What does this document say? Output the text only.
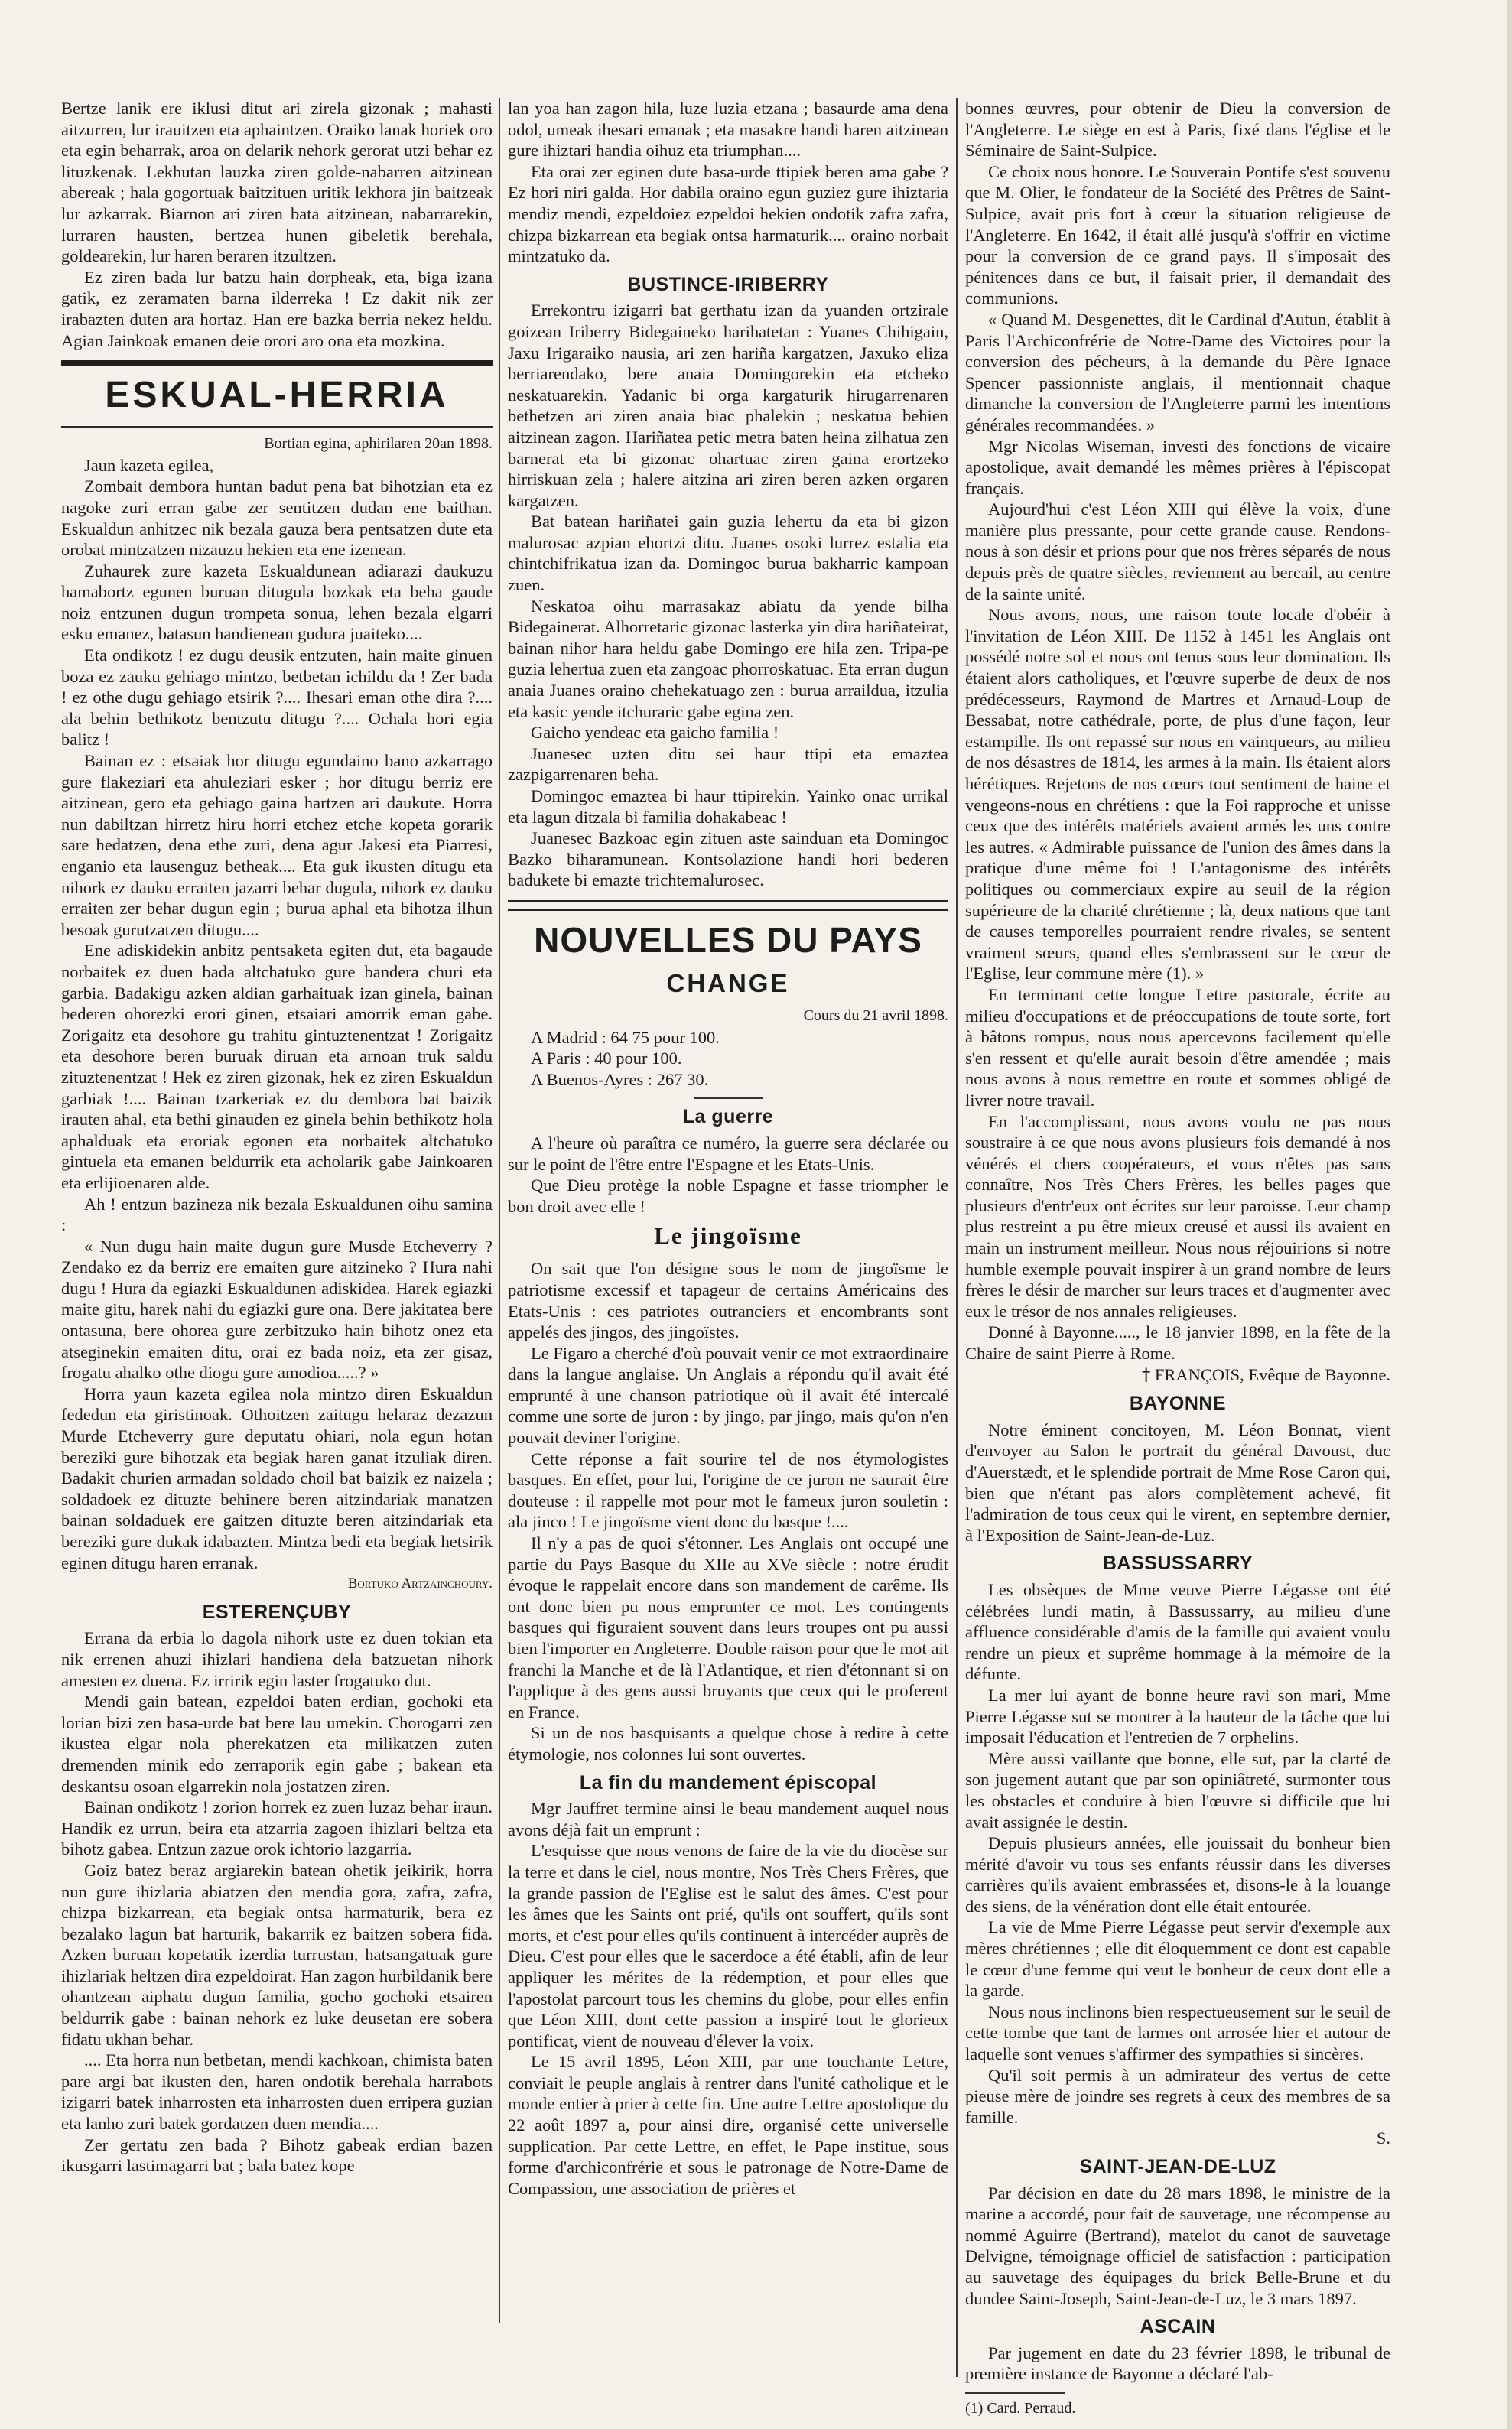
Bertze lanik ere iklusi ditut ari zirela gizonak ; mahasti aitzurren, lur irauitzen eta aphaintzen. Oraiko lanak horiek oro eta egin beharrak, aroa on delarik nehork gerorat utzi behar ez lituzkenak. Lekhutan lauzka ziren golde-nabarren aitzinean abereak ; hala gogortuak baitzituen uritik lekhora jin baitzeak lur azkarrak. Biarnon ari ziren bata aitzinean, nabarrarekin, lurraren hausten, bertzea hunen gibeletik berehala, goldearekin, lur haren beraren itzultzen.

Ez ziren bada lur batzu hain dorpheak, eta, biga izana gatik, ez zeramaten barna ilderreka ! Ez dakit nik zer irabazten duten ara hortaz. Han ere bazka berria nekez heldu. Agian Jainkoak emanen deie orori aro ona eta mozkina.

ESKUAL-HERRIA

Bortian egina, aphirilaren 20an 1898.

Jaun kazeta egilea,

Zombait dembora huntan badut pena bat bihotzian eta ez nagoke zuri erran gabe zer sentitzen dudan ene baithan. Eskualdun anhitzec nik bezala gauza bera pentsatzen dute eta orobat mintzatzen nizauzu hekien eta ene izenean.

Zuhaurek zure kazeta Eskualdunean adiarazi daukuzu hamabortz egunen buruan ditugula bozkak eta beha gaude noiz entzunen dugun trompeta sonua, lehen bezala elgarri esku emanez, batasun handienean gudura juaiteko....

Eta ondikotz ! ez dugu deusik entzuten, hain maite ginuen boza ez zauku gehiago mintzo, betbetan ichildu da ! Zer bada ! ez othe dugu gehiago etsirik ?.... Ihesari eman othe dira ?.... ala behin bethikotz bentzutu ditugu ?.... Ochala hori egia balitz !

Bainan ez : etsaiak hor ditugu egundaino bano azkarrago gure flakeziari eta ahuleziari esker ; hor ditugu berriz ere aitzinean, gero eta gehiago gaina hartzen ari daukute. Horra nun dabiltzan hirretz hiru horri etchez etche kopeta gorarik sare hedatzen, dena ethe zuri, dena agur Jakesi eta Piarresi, enganio eta lausenguz betheak.... Eta guk ikusten ditugu eta nihork ez dauku erraiten jazarri behar dugula, nihork ez dauku erraiten zer behar dugun egin ; burua aphal eta bihotza ilhun besoak gurutzatzen ditugu....

Ene adiskidekin anbitz pentsaketa egiten dut, eta bagaude norbaitek ez duen bada altchatuko gure bandera churi eta garbia. Badakigu azken aldian garhaituak izan ginela, bainan bederen ohorezki erori ginen, etsaiari amorrik eman gabe. Zorigaitz eta desohore gu trahitu gintuztenentzat ! Zorigaitz eta desohore beren buruak diruan eta arnoan truk saldu zituztenentzat ! Hek ez ziren gizonak, hek ez ziren Eskualdun garbiak !.... Bainan tzarkeriak ez du dembora bat baizik irauten ahal, eta bethi ginauden ez ginela behin bethikotz hola aphalduak eta eroriak egonen eta norbaitek altchatuko gintuela eta emanen beldurrik eta acholarik gabe Jainkoaren eta erlijioenaren alde.

Ah ! entzun bazineza nik bezala Eskualdunen oihu samina :

« Nun dugu hain maite dugun gure Musde Etcheverry ? Zendako ez da berriz ere emaiten gure aitzineko ? Hura nahi dugu ! Hura da egiazki Eskualdunen adiskidea. Harek egiazki maite gitu, harek nahi du egiazki gure ona. Bere jakitatea bere ontasuna, bere ohorea gure zerbitzuko hain bihotz onez eta atseginekin emaiten ditu, orai ez bada noiz, eta zer gisaz, frogatu ahalko othe diogu gure amodioa.....? »

Horra yaun kazeta egilea nola mintzo diren Eskualdun fededun eta giristinoak. Othoitzen zaitugu helaraz dezazun Murde Etcheverry gure deputatu ohiari, nola egun hotan bereziki gure bihotzak eta begiak haren ganat itzuliak diren. Badakit churien armadan soldado choil bat baizik ez naizela ; soldadoek ez dituzte behinere beren aitzindariak manatzen bainan soldaduek ere gaitzen dituzte beren aitzindariak eta bereziki gure dukak idabazten. Mintza bedi eta begiak hetsirik eginen ditugu haren erranak.

Bortuko Artzainchoury.

ESTERENÇUBY

Errana da erbia lo dagola nihork uste ez duen tokian eta nik errenen ahuzi ihizlari handiena dela batzuetan nihork amesten ez duena. Ez irririk egin laster frogatuko dut.

Mendi gain batean, ezpeldoi baten erdian, gochoki eta lorian bizi zen basa-urde bat bere lau umekin. Chorogarri zen ikustea elgar nola pherekatzen eta milikatzen zuten dremenden minik edo zerraporik egin gabe ; bakean eta deskantsu osoan elgarrekin nola jostatzen ziren.

Bainan ondikotz ! zorion horrek ez zuen luzaz behar iraun. Handik ez urrun, beira eta atzarria zagoen ihizlari beltza eta bihotz gabea. Entzun zazue orok ichtorio lazgarria.

Goiz batez beraz argiarekin batean ohetik jeikirik, horra nun gure ihizlaria abiatzen den mendia gora, zafra, zafra, chizpa bizkarrean, eta begiak ontsa harmaturik, bera ez bezalako lagun bat harturik, bakarrik ez baitzen sobera fida. Azken buruan kopetatik izerdia turrustan, hatsangatuak gure ihizlariak heltzen dira ezpeldoirat. Han zagon hurbildanik bere ohantzean aiphatu dugun familia, gocho gochoki etsairen beldurrik gabe : bainan nehork ez luke deusetan ere sobera fidatu ukhan behar.

.... Eta horra nun betbetan, mendi kachkoan, chimista baten pare argi bat ikusten den, haren ondotik berehala harrabots izigarri batek inharrosten eta inharrosten duen erripera guzian eta lanho zuri batek gordatzen duen mendia....

Zer gertatu zen bada ? Bihotz gabeak erdian bazen ikusgarri lastimagarri bat ; bala batez kope

lan yoa han zagon hila, luze luzia etzana ; basaurde ama dena odol, umeak ihesari emanak ; eta masakre handi haren aitzinean gure ihiztari handia oihuz eta triumphan....

Eta orai zer eginen dute basa-urde ttipiek beren ama gabe ? Ez hori niri galda. Hor dabila oraino egun guziez gure ihiztaria mendiz mendi, ezpeldoiez ezpeldoi hekien ondotik zafra zafra, chizpa bizkarrean eta begiak ontsa harmaturik.... oraino norbait mintzatuko da.

BUSTINCE-IRIBERRY

Errekontru izigarri bat gerthatu izan da yuanden ortzirale goizean Iriberry Bidegaineko harihatetan : Yuanes Chihigain, Jaxu Irigaraiko nausia, ari zen hariña kargatzen, Jaxuko eliza berriarendako, bere anaia Domingorekin eta etcheko neskatuarekin. Yadanic bi orga kargaturik hirugarrenaren bethetzen ari ziren anaia biac phalekin ; neskatua behien aitzinean zagon. Hariñatea petic metra baten heina zilhatua zen barnerat eta bi gizonac ohartuac ziren gaina erortzeko hirriskuan zela ; halere aitzina ari ziren beren azken orgaren kargatzen.

Bat batean hariñatei gain guzia lehertu da eta bi gizon malurosac azpian ehortzi ditu. Juanes osoki lurrez estalia eta chintchifrikatua izan da. Domingoc burua bakharric kampoan zuen.

Neskatoa oihu marrasakaz abiatu da yende bilha Bidegainerat. Alhorretaric gizonac lasterka yin dira hariñateirat, bainan nihor hara heldu gabe Domingo ere hila zen. Tripa-pe guzia lehertua zuen eta zangoac phorroskatuac. Eta erran dugun anaia Juanes oraino chehekatuago zen : burua arraildua, itzulia eta kasic yende itchuraric gabe egina zen.

Gaicho yendeac eta gaicho familia !

Juanesec uzten ditu sei haur ttipi eta emaztea zazpigarrenaren beha.

Domingoc emaztea bi haur ttipirekin. Yainko onac urrikal eta lagun ditzala bi familia dohakabeac !

Juanesec Bazkoac egin zituen aste sainduan eta Domingoc Bazko biharamunean. Kontsolazione handi hori bederen badukete bi emazte trichtemalurosec.

NOUVELLES DU PAYS
CHANGE

Cours du 21 avril 1898.

A Madrid : 64 75 pour 100.

A Paris : 40 pour 100.

A Buenos-Ayres : 267 30.

La guerre

A l'heure où paraîtra ce numéro, la guerre sera déclarée ou sur le point de l'être entre l'Espagne et les Etats-Unis.

Que Dieu protège la noble Espagne et fasse triompher le bon droit avec elle !

Le jingoïsme

On sait que l'on désigne sous le nom de jingoïsme le patriotisme excessif et tapageur de certains Américains des Etats-Unis : ces patriotes outranciers et encombrants sont appelés des jingos, des jingoïstes.

Le Figaro a cherché d'où pouvait venir ce mot extraordinaire dans la langue anglaise. Un Anglais a répondu qu'il avait été emprunté à une chanson patriotique où il avait été intercalé comme une sorte de juron : by jingo, par jingo, mais qu'on n'en pouvait deviner l'origine.

Cette réponse a fait sourire tel de nos étymologistes basques. En effet, pour lui, l'origine de ce juron ne saurait être douteuse : il rappelle mot pour mot le fameux juron souletin : ala jinco ! Le jingoïsme vient donc du basque !....

Il n'y a pas de quoi s'étonner. Les Anglais ont occupé une partie du Pays Basque du XIIe au XVe siècle : notre érudit évoque le rappelait encore dans son mandement de carême. Ils ont donc bien pu nous emprunter ce mot. Les contingents basques qui figuraient souvent dans leurs troupes ont pu aussi bien l'importer en Angleterre. Double raison pour que le mot ait franchi la Manche et de là l'Atlantique, et rien d'étonnant si on l'applique à des gens aussi bruyants que ceux qui le proferent en France.

Si un de nos basquisants a quelque chose à redire à cette étymologie, nos colonnes lui sont ouvertes.

La fin du mandement épiscopal

Mgr Jauffret termine ainsi le beau mandement auquel nous avons déjà fait un emprunt :

L'esquisse que nous venons de faire de la vie du diocèse sur la terre et dans le ciel, nous montre, Nos Très Chers Frères, que la grande passion de l'Eglise est le salut des âmes. C'est pour les âmes que les Saints ont prié, qu'ils ont souffert, qu'ils sont morts, et c'est pour elles qu'ils continuent à intercéder auprès de Dieu. C'est pour elles que le sacerdoce a été établi, afin de leur appliquer les mérites de la rédemption, et pour elles que l'apostolat parcourt tous les chemins du globe, pour elles enfin que Léon XIII, dont cette passion a inspiré tout le glorieux pontificat, vient de nouveau d'élever la voix.

Le 15 avril 1895, Léon XIII, par une touchante Lettre, conviait le peuple anglais à rentrer dans l'unité catholique et le monde entier à prier à cette fin. Une autre Lettre apostolique du 22 août 1897 a, pour ainsi dire, organisé cette universelle supplication. Par cette Lettre, en effet, le Pape institue, sous forme d'archiconfrérie et sous le patronage de Notre-Dame de Compassion, une association de prières et

bonnes œuvres, pour obtenir de Dieu la conversion de l'Angleterre. Le siège en est à Paris, fixé dans l'église et le Séminaire de Saint-Sulpice.

Ce choix nous honore. Le Souverain Pontife s'est souvenu que M. Olier, le fondateur de la Société des Prêtres de Saint-Sulpice, avait pris fort à cœur la situation religieuse de l'Angleterre. En 1642, il était allé jusqu'à s'offrir en victime pour la conversion de ce grand pays. Il s'imposait des pénitences dans ce but, il faisait prier, il demandait des communions.

« Quand M. Desgenettes, dit le Cardinal d'Autun, établit à Paris l'Archiconfrérie de Notre-Dame des Victoires pour la conversion des pécheurs, à la demande du Père Ignace Spencer passionniste anglais, il mentionnait chaque dimanche la conversion de l'Angleterre parmi les intentions générales recommandées. »

Mgr Nicolas Wiseman, investi des fonctions de vicaire apostolique, avait demandé les mêmes prières à l'épiscopat français.

Aujourd'hui c'est Léon XIII qui élève la voix, d'une manière plus pressante, pour cette grande cause. Rendons-nous à son désir et prions pour que nos frères séparés de nous depuis près de quatre siècles, reviennent au bercail, au centre de la sainte unité.

Nous avons, nous, une raison toute locale d'obéir à l'invitation de Léon XIII. De 1152 à 1451 les Anglais ont possédé notre sol et nous ont tenus sous leur domination. Ils étaient alors catholiques, et l'œuvre superbe de deux de nos prédécesseurs, Raymond de Martres et Arnaud-Loup de Bessabat, notre cathédrale, porte, de plus d'une façon, leur estampille. Ils ont repassé sur nous en vainqueurs, au milieu de nos désastres de 1814, les armes à la main. Ils étaient alors hérétiques. Rejetons de nos cœurs tout sentiment de haine et vengeons-nous en chrétiens : que la Foi rapproche et unisse ceux que des intérêts matériels avaient armés les uns contre les autres. « Admirable puissance de l'union des âmes dans la pratique d'une même foi ! L'antagonisme des intérêts politiques ou commerciaux expire au seuil de la région supérieure de la charité chrétienne ; là, deux nations que tant de causes temporelles pourraient rendre rivales, se sentent vraiment sœurs, quand elles s'embrassent sur le cœur de l'Eglise, leur commune mère (1). »

En terminant cette longue Lettre pastorale, écrite au milieu d'occupations et de préoccupations de toute sorte, fort à bâtons rompus, nous nous apercevons facilement qu'elle s'en ressent et qu'elle aurait besoin d'être amendée ; mais nous avons à nous remettre en route et sommes obligé de livrer notre travail.

En l'accomplissant, nous avons voulu ne pas nous soustraire à ce que nous avons plusieurs fois demandé à nos vénérés et chers coopérateurs, et vous n'êtes pas sans connaître, Nos Très Chers Frères, les belles pages que plusieurs d'entr'eux ont écrites sur leur paroisse. Leur champ plus restreint a pu être mieux creusé et aussi ils avaient en main un instrument meilleur. Nous nous réjouirions si notre humble exemple pouvait inspirer à un grand nombre de leurs frères le désir de marcher sur leurs traces et d'augmenter avec eux le trésor de nos annales religieuses.

Donné à Bayonne....., le 18 janvier 1898, en la fête de la Chaire de saint Pierre à Rome.

† FRANÇOIS, Evêque de Bayonne.

BAYONNE

Notre éminent concitoyen, M. Léon Bonnat, vient d'envoyer au Salon le portrait du général Davoust, duc d'Auerstædt, et le splendide portrait de Mme Rose Caron qui, bien que n'étant pas alors complètement achevé, fit l'admiration de tous ceux qui le virent, en septembre dernier, à l'Exposition de Saint-Jean-de-Luz.

BASSUSSARRY

Les obsèques de Mme veuve Pierre Légasse ont été célébrées lundi matin, à Bassussarry, au milieu d'une affluence considérable d'amis de la famille qui avaient voulu rendre un pieux et suprême hommage à la mémoire de la défunte.

La mer lui ayant de bonne heure ravi son mari, Mme Pierre Légasse sut se montrer à la hauteur de la tâche que lui imposait l'éducation et l'entretien de 7 orphelins.

Mère aussi vaillante que bonne, elle sut, par la clarté de son jugement autant que par son opiniâtreté, surmonter tous les obstacles et conduire à bien l'œuvre si difficile que lui avait assignée le destin.

Depuis plusieurs années, elle jouissait du bonheur bien mérité d'avoir vu tous ses enfants réussir dans les diverses carrières qu'ils avaient embrassées et, disons-le à la louange des siens, de la vénération dont elle était entourée.

La vie de Mme Pierre Légasse peut servir d'exemple aux mères chrétiennes ; elle dit éloquemment ce dont est capable le cœur d'une femme qui veut le bonheur de ceux dont elle a la garde.

Nous nous inclinons bien respectueusement sur le seuil de cette tombe que tant de larmes ont arrosée hier et autour de laquelle sont venues s'affirmer des sympathies si sincères.

Qu'il soit permis à un admirateur des vertus de cette pieuse mère de joindre ses regrets à ceux des membres de sa famille.

S.

SAINT-JEAN-DE-LUZ

Par décision en date du 28 mars 1898, le ministre de la marine a accordé, pour fait de sauvetage, une récompense au nommé Aguirre (Bertrand), matelot du canot de sauvetage Delvigne, témoignage officiel de satisfaction : participation au sauvetage des équipages du brick Belle-Brune et du dundee Saint-Joseph, Saint-Jean-de-Luz, le 3 mars 1897.

ASCAIN

Par jugement en date du 23 février 1898, le tribunal de première instance de Bayonne a déclaré l'ab-

(1) Card. Perraud.
